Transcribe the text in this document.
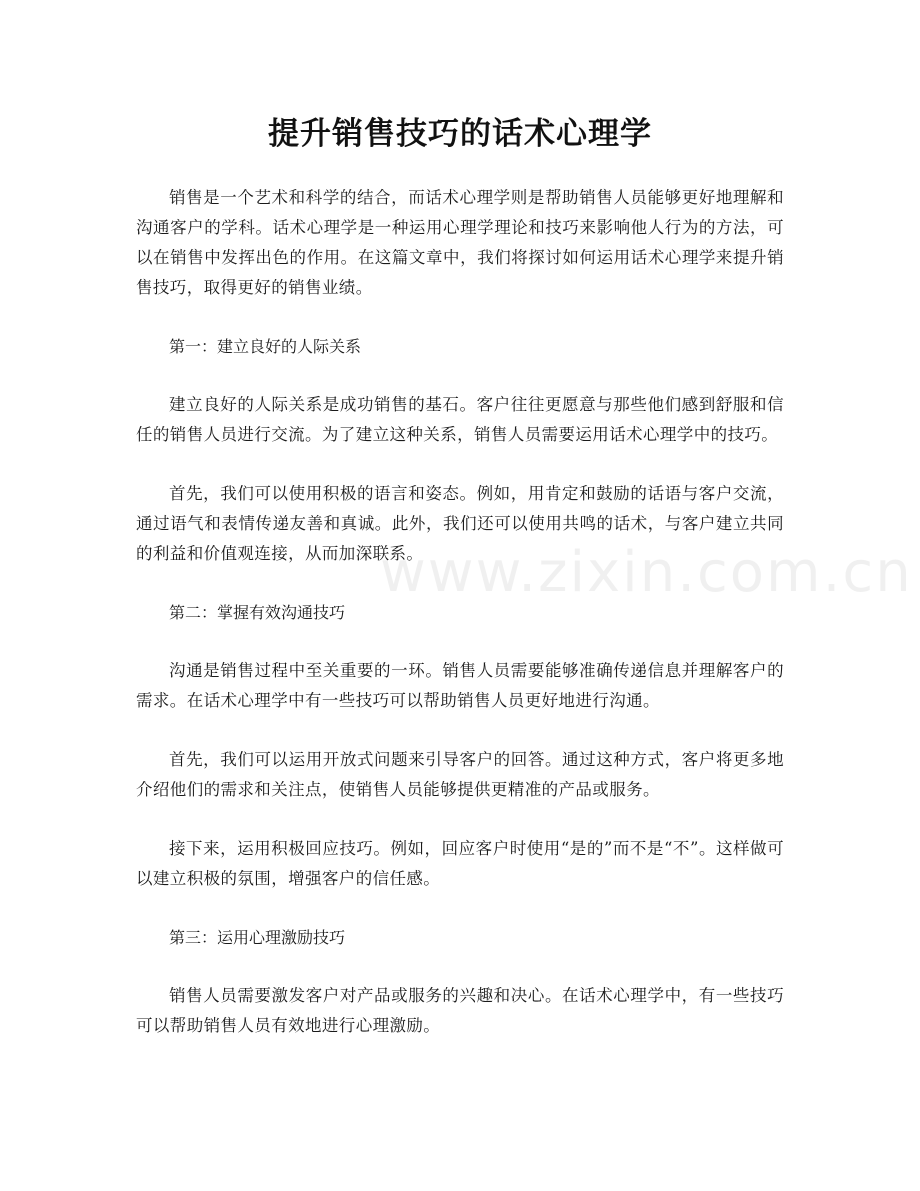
提升销售技巧的话术心理学
www.zixin.com.cn

销售是一个艺术和科学的结合，而话术心理学则是帮助销售人员能够更好地理解和沟通客户的学科。话术心理学是一种运用心理学理论和技巧来影响他人行为的方法，可以在销售中发挥出色的作用。在这篇文章中，我们将探讨如何运用话术心理学来提升销售技巧，取得更好的销售业绩。

第一：建立良好的人际关系

建立良好的人际关系是成功销售的基石。客户往往更愿意与那些他们感到舒服和信任的销售人员进行交流。为了建立这种关系，销售人员需要运用话术心理学中的技巧。

首先，我们可以使用积极的语言和姿态。例如，用肯定和鼓励的话语与客户交流，通过语气和表情传递友善和真诚。此外，我们还可以使用共鸣的话术，与客户建立共同的利益和价值观连接，从而加深联系。

第二：掌握有效沟通技巧

沟通是销售过程中至关重要的一环。销售人员需要能够准确传递信息并理解客户的需求。在话术心理学中有一些技巧可以帮助销售人员更好地进行沟通。

首先，我们可以运用开放式问题来引导客户的回答。通过这种方式，客户将更多地介绍他们的需求和关注点，使销售人员能够提供更精准的产品或服务。

接下来，运用积极回应技巧。例如，回应客户时使用“是的”而不是“不”。这样做可以建立积极的氛围，增强客户的信任感。

第三：运用心理激励技巧

销售人员需要激发客户对产品或服务的兴趣和决心。在话术心理学中，有一些技巧可以帮助销售人员有效地进行心理激励。
